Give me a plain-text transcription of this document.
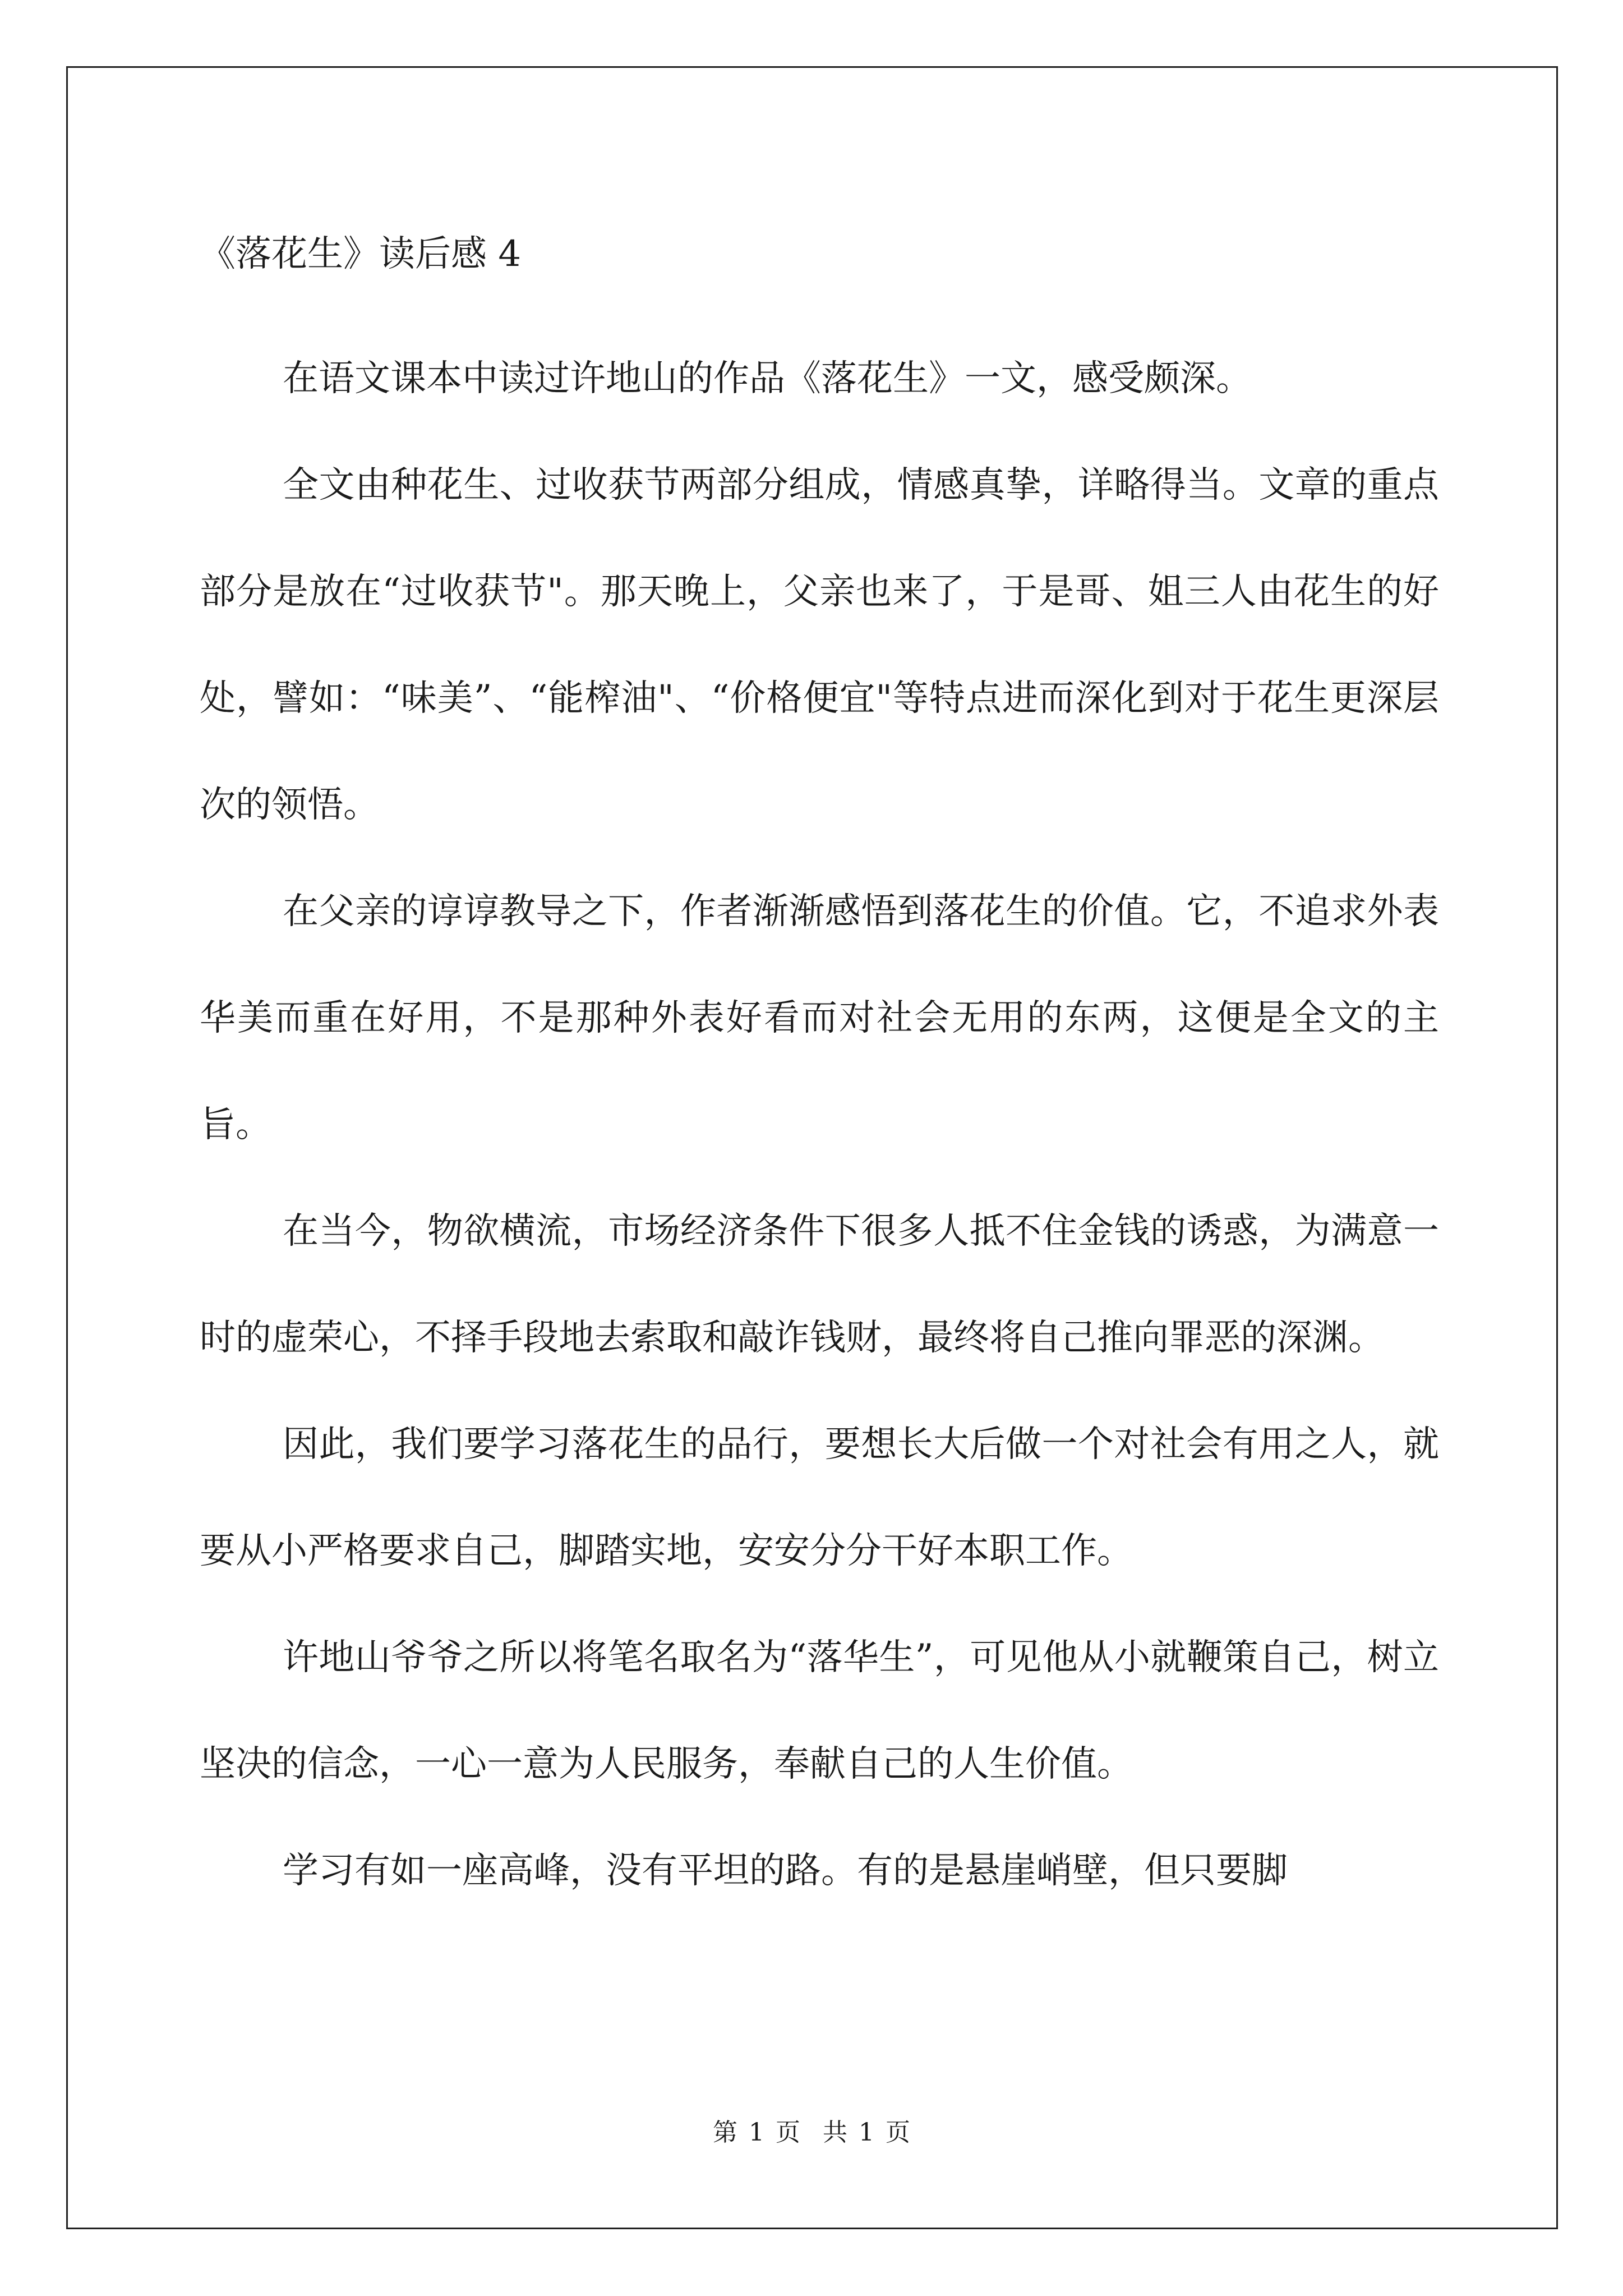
《落花生》读后感 4

在语文课本中读过许地山的作品《落花生》一文，感受颇深。

全文由种花生、过收获节两部分组成，情感真挚，详略得当。文章的重点部分是放在“过收获节"。那天晚上，父亲也来了，于是哥、姐三人由花生的好处，譬如：“味美”、“能榨油"、“价格便宜"等特点进而深化到对于花生更深层次的领悟。

在父亲的谆谆教导之下，作者渐渐感悟到落花生的价值。它，不追求外表华美而重在好用，不是那种外表好看而对社会无用的东两，这便是全文的主旨。

在当今，物欲横流，市场经济条件下很多人抵不住金钱的诱惑，为满意一时的虚荣心，不择手段地去索取和敲诈钱财，最终将自己推向罪恶的深渊。

因此，我们要学习落花生的品行，要想长大后做一个对社会有用之人，就要从小严格要求自己，脚踏实地，安安分分干好本职工作。

许地山爷爷之所以将笔名取名为“落华生”，可见他从小就鞭策自己，树立坚决的信念，一心一意为人民服务，奉献自己的人生价值。

学习有如一座高峰，没有平坦的路。有的是悬崖峭壁，但只要脚

第 1 页 共 1 页
